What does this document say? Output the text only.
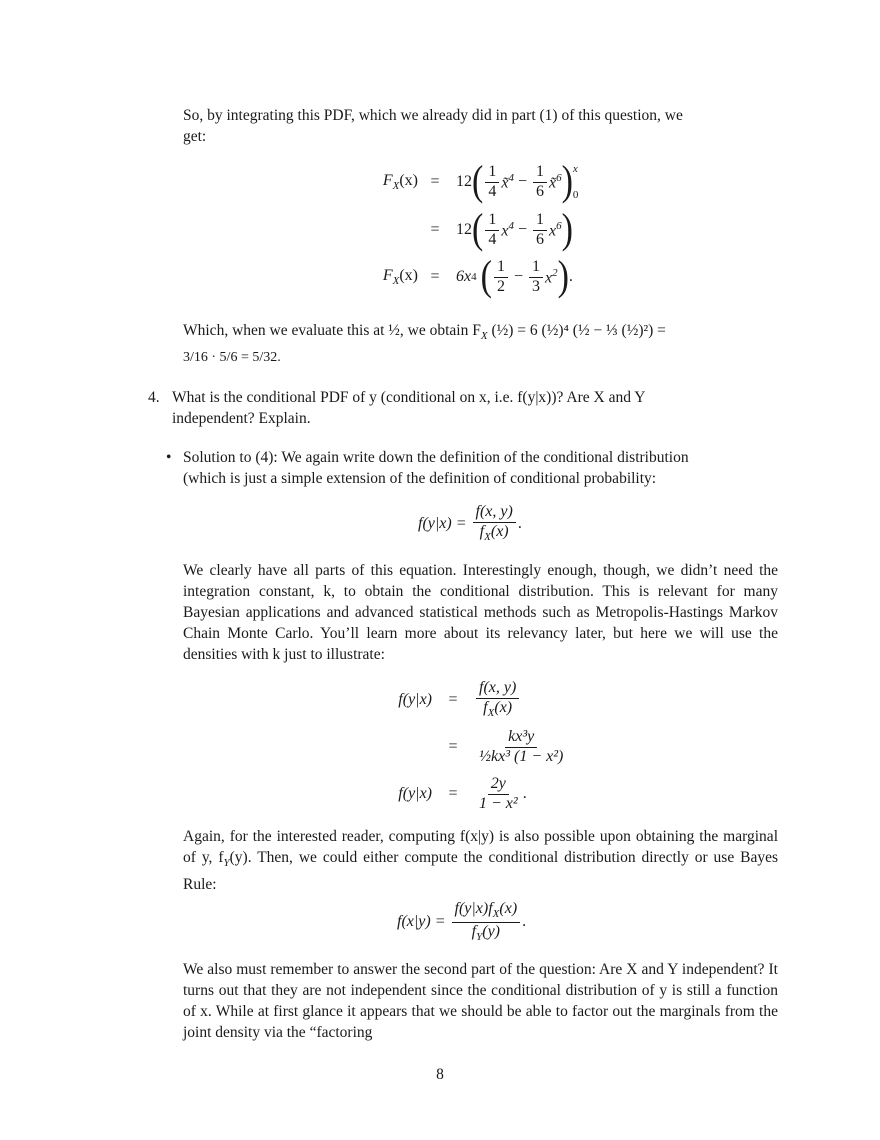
So, by integrating this PDF, which we already did in part (1) of this question, we
get:
$F_X(x)$ =	12 ( $\frac{1}{4}$ x̃$^4$ − $\frac{1}{6}$ x̃$^6$ ) x
0
=	12 ( $\frac{1}{4} x^4 - \frac{1}{6} x^6$ )
$F_X(x)$ =	6x 4 ( $\frac{1}{2} - \frac{1}{3} x^2$ ) .
Which, when we evaluate this at ½, we obtain $F_X$ (½) = 6 (½)⁴ (½ − ⅓ (½)²) =
3/16 · 5/6 = 5/32.
4. What is the conditional PDF of y (conditional on x, i.e. f(y|x))? Are X and Y
independent? Explain.
• Solution to (4): We again write down the definition of the conditional distribution
(which is just a simple extension of the definition of conditional probability:
$f(y|x) = \frac{f(x, y)}{f_X(x)}$ .
We clearly have all parts of this equation. Interestingly enough, though, we didn’t need the integration constant, k, to obtain the conditional distribution. This is relevant for many Bayesian applications and advanced statistical methods such as Metropolis-Hastings Markov Chain Monte Carlo. You’ll learn more about its relevancy later, but here we will use the densities with k just to illustrate:
f(y|x)	=	$\frac{f(x, y)}{f_X(x)}$
=	$\frac{\text{kx³y}}{\text{½kx³ (1 − x²)}}$
f(y|x)	=	$\frac{2y}{\text{1 − x²}}$ .
Again, for the interested reader, computing f(x|y) is also possible upon obtaining the marginal of y, $f_Y(y)$. Then, we could either compute the conditional distribution directly or use Bayes Rule:
$f(x|y) = \frac{f(y|x)f_X(x)}{f_Y(y)}$ .
We also must remember to answer the second part of the question: Are X and Y independent? It turns out that they are not independent since the conditional distribution of y is still a function of x. While at first glance it appears that we should be able to factor out the marginals from the joint density via the “factoring
8
